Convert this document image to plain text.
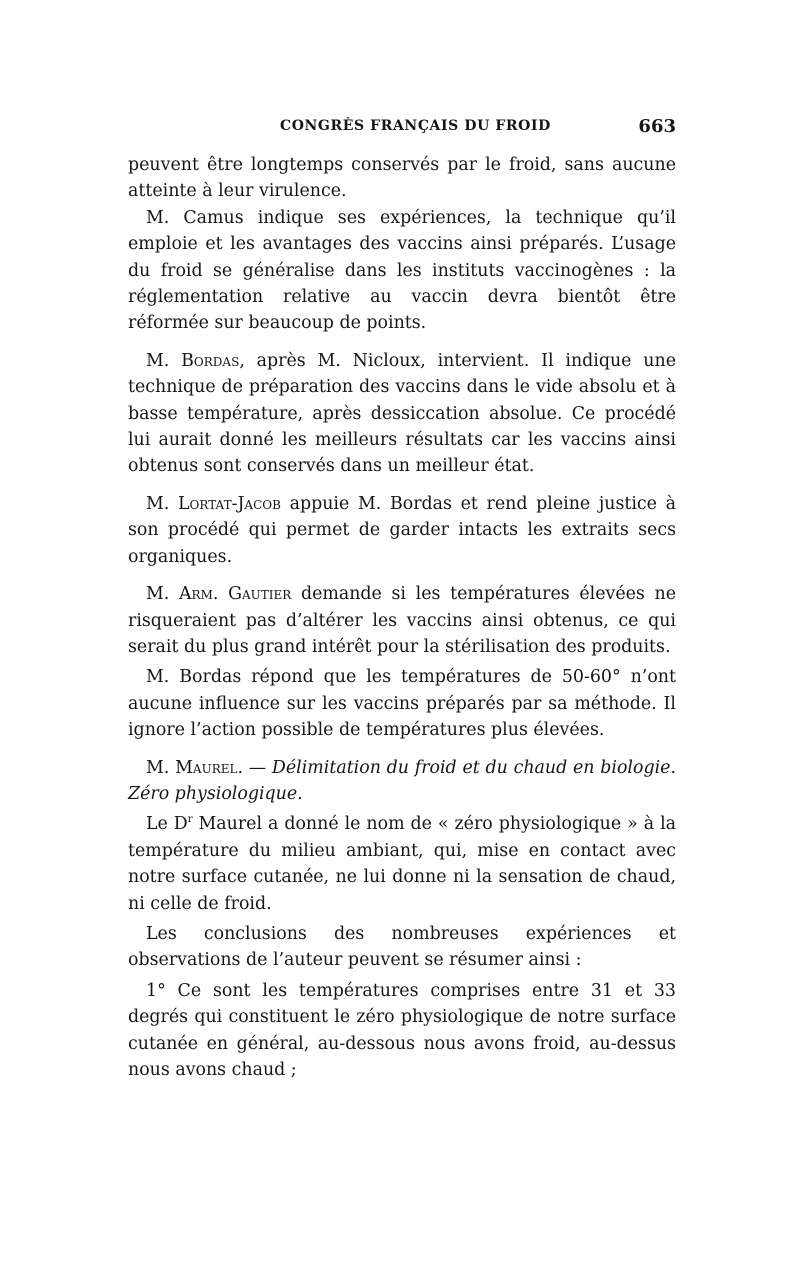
CONGRÈS FRANÇAIS DU FROID	663

peuvent être longtemps conservés par le froid, sans aucune atteinte à leur virulence.

M. Camus indique ses expériences, la technique qu’il emploie et les avantages des vaccins ainsi préparés. L’usage du froid se généralise dans les instituts vaccinogènes : la réglementation relative au vaccin devra bientôt être réformée sur beaucoup de points.

M. Bordas, après M. Nicloux, intervient. Il indique une technique de préparation des vaccins dans le vide absolu et à basse température, après dessiccation absolue. Ce procédé lui aurait donné les meilleurs résultats car les vaccins ainsi obtenus sont conservés dans un meilleur état.

M. Lortat-Jacob appuie M. Bordas et rend pleine justice à son procédé qui permet de garder intacts les extraits secs organiques.

M. Arm. Gautier demande si les températures élevées ne risqueraient pas d’altérer les vaccins ainsi obtenus, ce qui serait du plus grand intérêt pour la stérilisation des produits.

M. Bordas répond que les températures de 50-60° n’ont aucune influence sur les vaccins préparés par sa méthode. Il ignore l’action possible de températures plus élevées.

M. Maurel. — Délimitation du froid et du chaud en biologie. Zéro physiologique.

Le $D^r$ Maurel a donné le nom de « zéro physiologique » à la température du milieu ambiant, qui, mise en contact avec notre surface cutanée, ne lui donne ni la sensation de chaud, ni celle de froid.

Les conclusions des nombreuses expériences et observations de l’auteur peuvent se résumer ainsi :

1° Ce sont les températures comprises entre 31 et 33 degrés qui constituent le zéro physiologique de notre surface cutanée en général, au-dessous nous avons froid, au-dessus nous avons chaud ;
